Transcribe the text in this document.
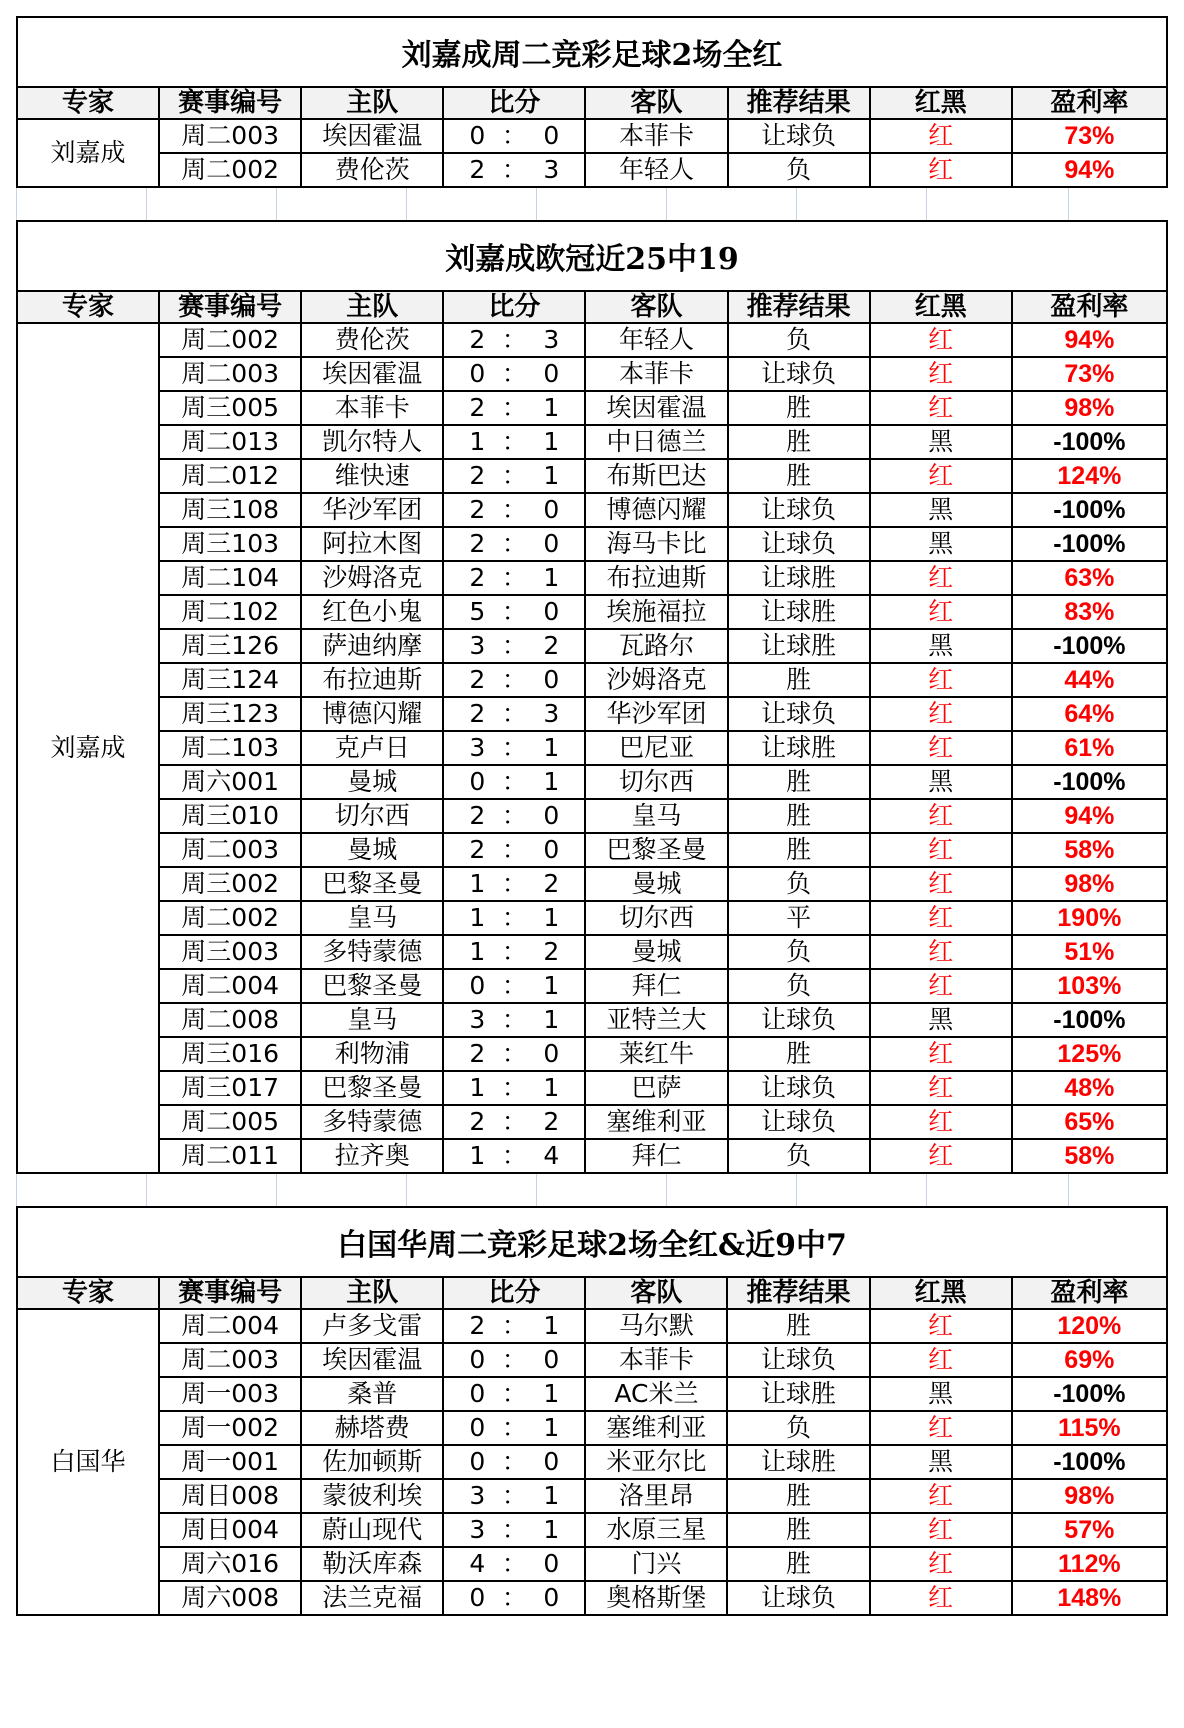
刘嘉成周二竞彩足球2场全红							
专家	赛事编号	主队	比分	客队	推荐结果	红黑	盈利率
刘嘉成	周二003	埃因霍温	0 ： 0	本菲卡	让球负	红	73%
	周二002	费伦茨	2 ： 3	年轻人	负	红	94%
刘嘉成欧冠近25中19							
专家	赛事编号	主队	比分	客队	推荐结果	红黑	盈利率
刘嘉成	周二002	费伦茨	2 ： 3	年轻人	负	红	94%
	周二003	埃因霍温	0 ： 0	本菲卡	让球负	红	73%
	周三005	本菲卡	2 ： 1	埃因霍温	胜	红	98%
	周二013	凯尔特人	1 ： 1	中日德兰	胜	黑	-100%
	周二012	维快速	2 ： 1	布斯巴达	胜	红	124%
	周三108	华沙军团	2 ： 0	博德闪耀	让球负	黑	-100%
	周三103	阿拉木图	2 ： 0	海马卡比	让球负	黑	-100%
	周二104	沙姆洛克	2 ： 1	布拉迪斯	让球胜	红	63%
	周二102	红色小鬼	5 ： 0	埃施福拉	让球胜	红	83%
	周三126	萨迪纳摩	3 ： 2	瓦路尔	让球胜	黑	-100%
	周三124	布拉迪斯	2 ： 0	沙姆洛克	胜	红	44%
	周三123	博德闪耀	2 ： 3	华沙军团	让球负	红	64%
	周二103	克卢日	3 ： 1	巴尼亚	让球胜	红	61%
	周六001	曼城	0 ： 1	切尔西	胜	黑	-100%
	周三010	切尔西	2 ： 0	皇马	胜	红	94%
	周二003	曼城	2 ： 0	巴黎圣曼	胜	红	58%
	周三002	巴黎圣曼	1 ： 2	曼城	负	红	98%
	周二002	皇马	1 ： 1	切尔西	平	红	190%
	周三003	多特蒙德	1 ： 2	曼城	负	红	51%
	周二004	巴黎圣曼	0 ： 1	拜仁	负	红	103%
	周二008	皇马	3 ： 1	亚特兰大	让球负	黑	-100%
	周三016	利物浦	2 ： 0	莱红牛	胜	红	125%
	周三017	巴黎圣曼	1 ： 1	巴萨	让球负	红	48%
	周二005	多特蒙德	2 ： 2	塞维利亚	让球负	红	65%
	周二011	拉齐奥	1 ： 4	拜仁	负	红	58%
白国华周二竞彩足球2场全红&近9中7							
专家	赛事编号	主队	比分	客队	推荐结果	红黑	盈利率
白国华	周二004	卢多戈雷	2 ： 1	马尔默	胜	红	120%
	周二003	埃因霍温	0 ： 0	本菲卡	让球负	红	69%
	周一003	桑普	0 ： 1	AC米兰	让球胜	黑	-100%
	周一002	赫塔费	0 ： 1	塞维利亚	负	红	115%
	周一001	佐加顿斯	0 ： 0	米亚尔比	让球胜	黑	-100%
	周日008	蒙彼利埃	3 ： 1	洛里昂	胜	红	98%
	周日004	蔚山现代	3 ： 1	水原三星	胜	红	57%
	周六016	勒沃库森	4 ： 0	门兴	胜	红	112%
	周六008	法兰克福	0 ： 0	奥格斯堡	让球负	红	148%
